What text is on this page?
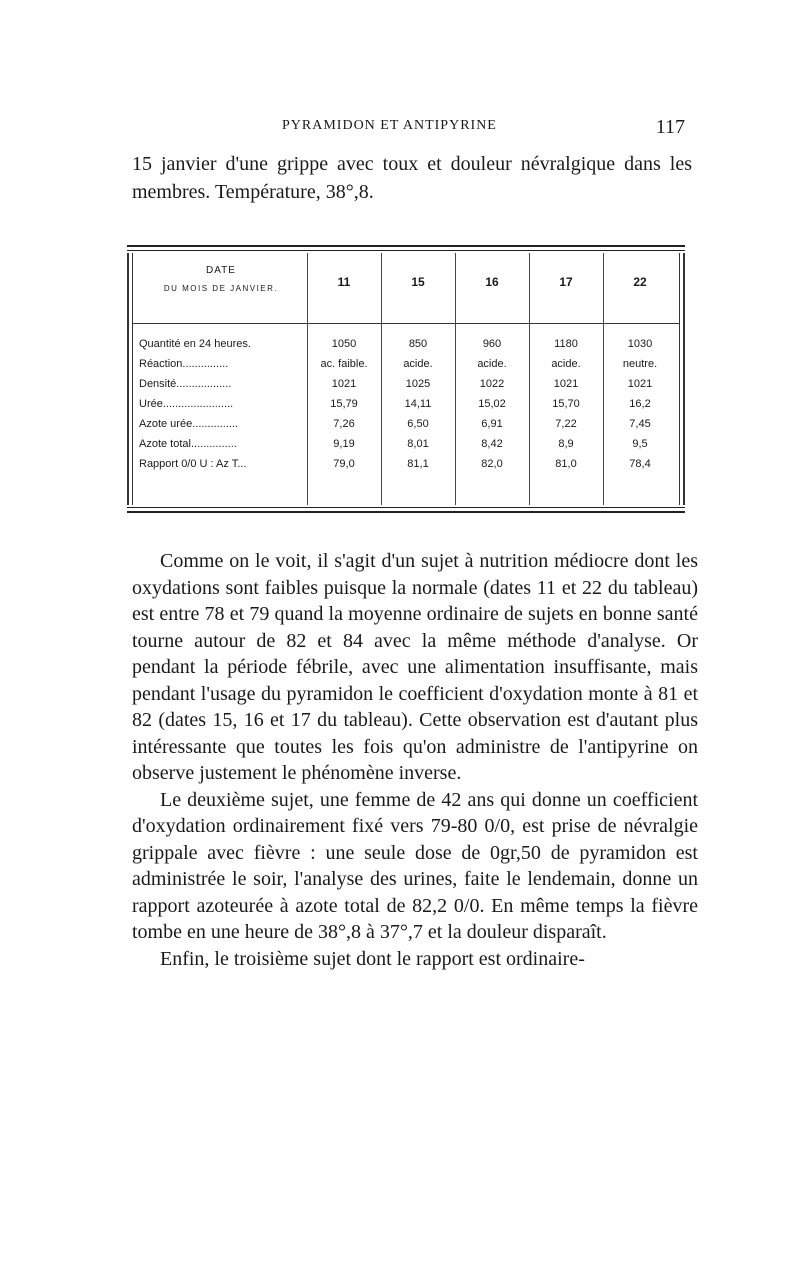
PYRAMIDON ET ANTIPYRINE	117

15 janvier d'une grippe avec toux et douleur névralgique dans les membres. Température, 38°,8.

DATE
DU MOIS DE JANVIER.	11	15	16	17	22
Quantité en 24 heures.	1050	850	960	1180	1030
Réaction...............	ac. faible.	acide.	acide.	acide.	neutre.
Densité..................	1021	1025	1022	1021	1021
Urée.......................	15,79	14,11	15,02	15,70	16,2
Azote urée...............	7,26	6,50	6,91	7,22	7,45
Azote total...............	9,19	8,01	8,42	8,9	9,5
Rapport 0/0 U : Az T...	79,0	81,1	82,0	81,0	78,4

Comme on le voit, il s'agit d'un sujet à nutrition médiocre dont les oxydations sont faibles puisque la normale (dates 11 et 22 du tableau) est entre 78 et 79 quand la moyenne ordinaire de sujets en bonne santé tourne autour de 82 et 84 avec la même méthode d'analyse. Or pendant la période fébrile, avec une alimentation insuffisante, mais pendant l'usage du pyramidon le coefficient d'oxydation monte à 81 et 82 (dates 15, 16 et 17 du tableau). Cette observation est d'autant plus intéressante que toutes les fois qu'on administre de l'antipyrine on observe justement le phénomène inverse.

Le deuxième sujet, une femme de 42 ans qui donne un coefficient d'oxydation ordinairement fixé vers 79-80 0/0, est prise de névralgie grippale avec fièvre : une seule dose de 0gr,50 de pyramidon est administrée le soir, l'analyse des urines, faite le lendemain, donne un rapport azoteurée à azote total de 82,2 0/0. En même temps la fièvre tombe en une heure de 38°,8 à 37°,7 et la douleur disparaît.

Enfin, le troisième sujet dont le rapport est ordinaire-
